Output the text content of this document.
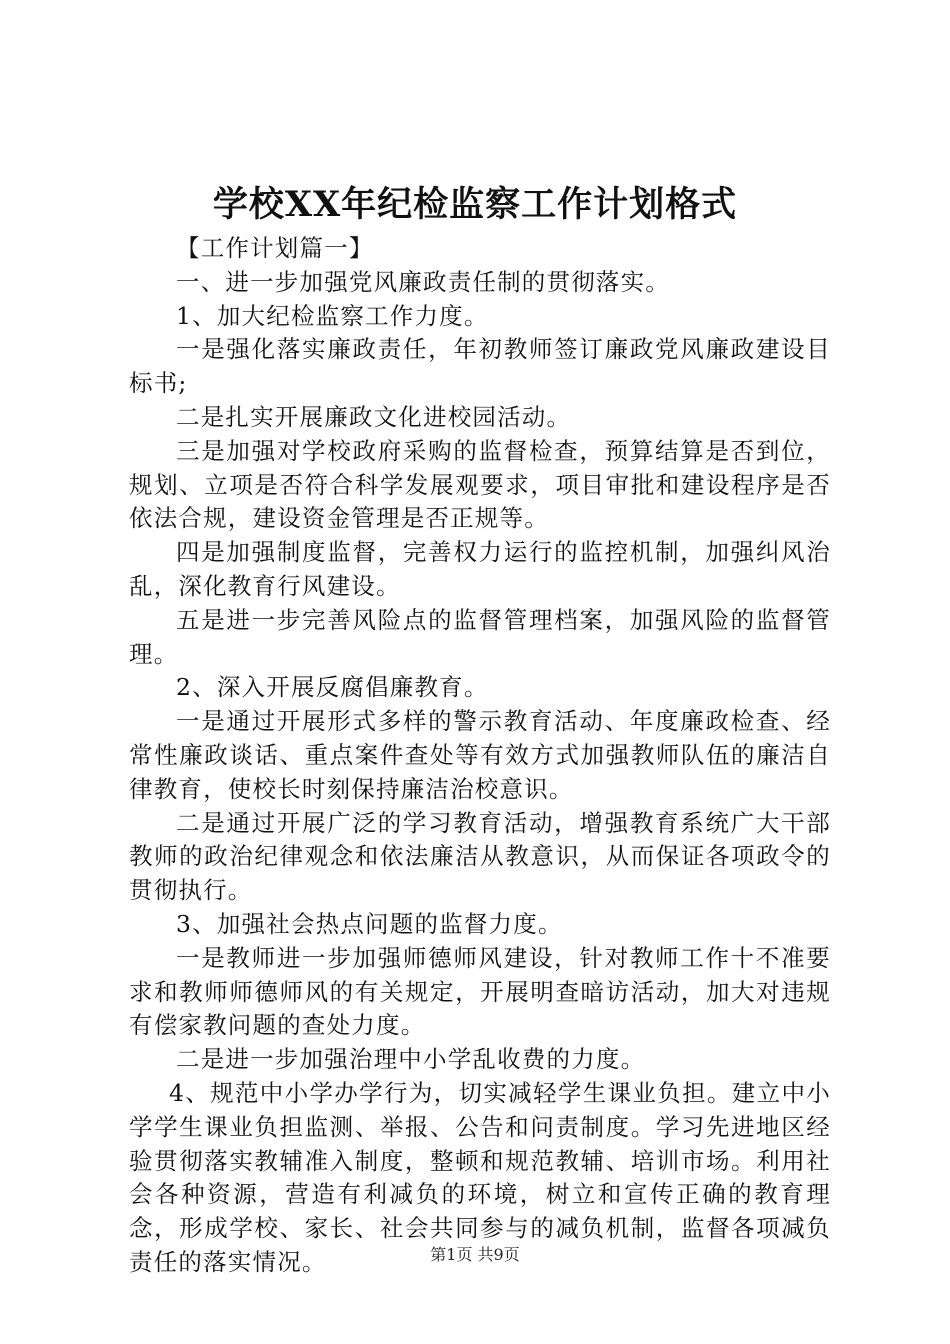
学校XX年纪检监察工作计划格式

【工作计划篇一】

一、进一步加强党风廉政责任制的贯彻落实。

1、加大纪检监察工作力度。

一是强化落实廉政责任，年初教师签订廉政党风廉政建设目标书;

二是扎实开展廉政文化进校园活动。

三是加强对学校政府采购的监督检查，预算结算是否到位，规划、立项是否符合科学发展观要求，项目审批和建设程序是否依法合规，建设资金管理是否正规等。

四是加强制度监督，完善权力运行的监控机制，加强纠风治乱，深化教育行风建设。

五是进一步完善风险点的监督管理档案，加强风险的监督管理。

2、深入开展反腐倡廉教育。

一是通过开展形式多样的警示教育活动、年度廉政检查、经常性廉政谈话、重点案件查处等有效方式加强教师队伍的廉洁自律教育，使校长时刻保持廉洁治校意识。

二是通过开展广泛的学习教育活动，增强教育系统广大干部教师的政治纪律观念和依法廉洁从教意识，从而保证各项政令的贯彻执行。

3、加强社会热点问题的监督力度。

一是教师进一步加强师德师风建设，针对教师工作十不准要求和教师师德师风的有关规定，开展明查暗访活动，加大对违规有偿家教问题的查处力度。

二是进一步加强治理中小学乱收费的力度。

4、规范中小学办学行为，切实减轻学生课业负担。建立中小学学生课业负担监测、举报、公告和问责制度。学习先进地区经验贯彻落实教辅准入制度，整顿和规范教辅、培训市场。利用社会各种资源，营造有利减负的环境，树立和宣传正确的教育理念，形成学校、家长、社会共同参与的减负机制，监督各项减负责任的落实情况。	第1页 共9页
